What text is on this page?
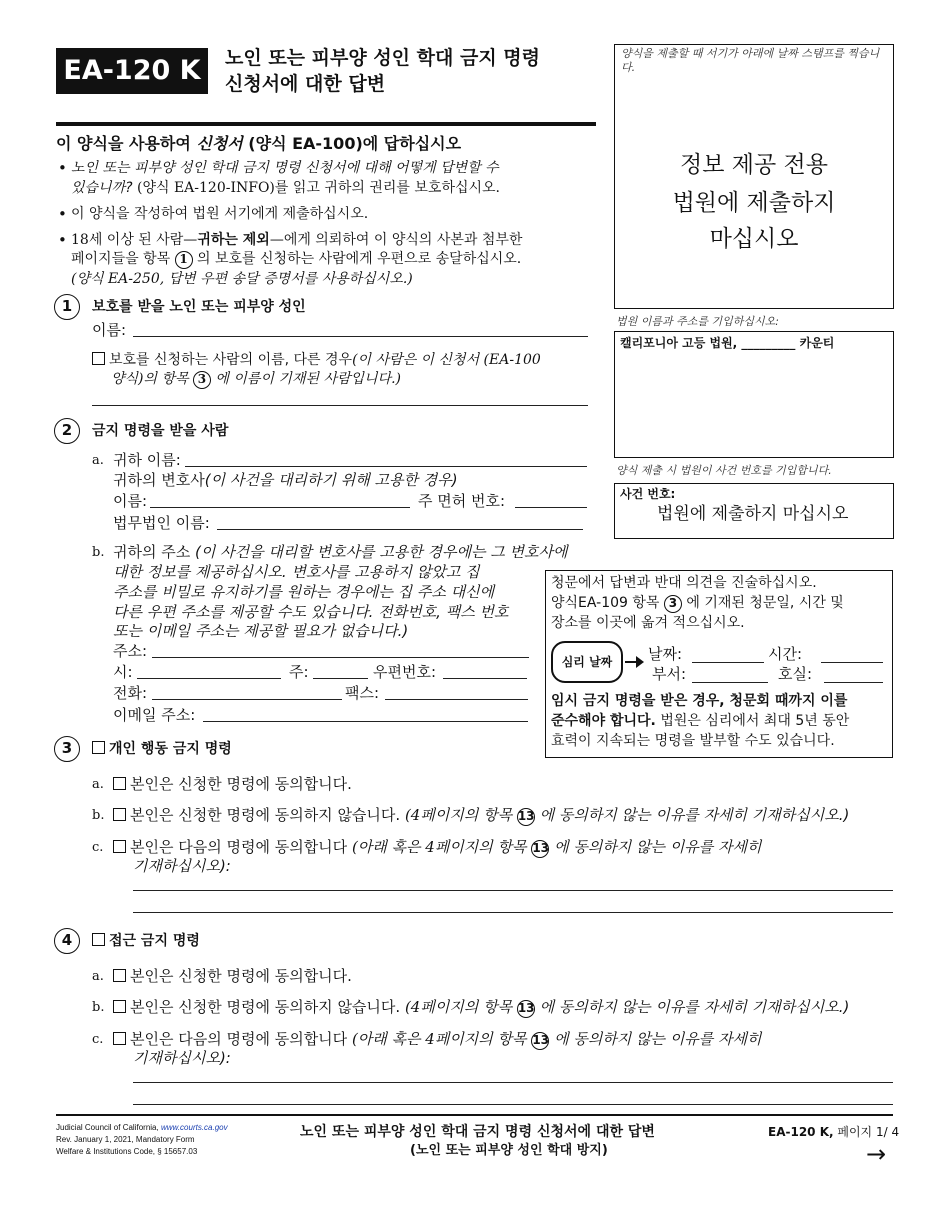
EA-120 K	노인 또는 피부양 성인 학대 금지 명령
신청서에 대한 답변
양식을 제출할 때 서기가 아래에 날짜 스탬프를 찍습니다.
정보 제공 전용
법원에 제출하지
마십시오
법원 이름과 주소를 기입하십시오:
캘리포니아 고등 법원, _________ 카운티
양식 제출 시 법원이 사건 번호를 기입합니다.
사건 번호:
법원에 제출하지 마십시오
이 양식을 사용하여 신청서 (양식 EA-100)에 답하십시오
• 노인 또는 피부양 성인 학대 금지 명령 신청서에 대해 어떻게 답변할 수
있습니까? (양식 EA-120-INFO)를 읽고 귀하의 권리를 보호하십시오.
• 이 양식을 작성하여 법원 서기에게 제출하십시오.
• 18세 이상 된 사람—귀하는 제외—에게 의뢰하여 이 양식의 사본과 첨부한
페이지들을 항목 1 의 보호를 신청하는 사람에게 우편으로 송달하십시오.
(양식 EA-250, 답변 우편 송달 증명서를 사용하십시오.)
1	보호를 받을 노인 또는 피부양 성인
이름:
보호를 신청하는 사람의 이름, 다른 경우(이 사람은 이 신청서 (EA-100
양식)의 항목 3 에 이름이 기재된 사람입니다.)
2	금지 명령을 받을 사람
a. 귀하 이름:
귀하의 변호사(이 사건을 대리하기 위해 고용한 경우)
이름:	주 면허 번호:
법무법인 이름:
b. 귀하의 주소 (이 사건을 대리할 변호사를 고용한 경우에는 그 변호사에
대한 정보를 제공하십시오. 변호사를 고용하지 않았고 집
주소를 비밀로 유지하기를 원하는 경우에는 집 주소 대신에
다른 우편 주소를 제공할 수도 있습니다. 전화번호, 팩스 번호
또는 이메일 주소는 제공할 필요가 없습니다.)
주소:
시:	주:	우편번호:
전화:	팩스:
이메일 주소:
청문에서 답변과 반대 의견을 진술하십시오.
양식EA-109 항목 3 에 기재된 청문일, 시간 및
장소를 이곳에 옮겨 적으십시오.
심리 날짜	날짜:	시간:
부서:	호실:
임시 금지 명령을 받은 경우, 청문회 때까지 이를
준수해야 합니다. 법원은 심리에서 최대 5년 동안
효력이 지속되는 명령을 발부할 수도 있습니다.
3	개인 행동 금지 명령
a.	본인은 신청한 명령에 동의합니다.
b.	본인은 신청한 명령에 동의하지 않습니다. (4페이지의 항목 13 에 동의하지 않는 이유를 자세히 기재하십시오.)
c.	본인은 다음의 명령에 동의합니다 (아래 혹은 4페이지의 항목 13 에 동의하지 않는 이유를 자세히
기재하십시오):
4	접근 금지 명령
a.	본인은 신청한 명령에 동의합니다.
b.	본인은 신청한 명령에 동의하지 않습니다. (4페이지의 항목 13 에 동의하지 않는 이유를 자세히 기재하십시오.)
c.	본인은 다음의 명령에 동의합니다 (아래 혹은 4페이지의 항목 13 에 동의하지 않는 이유를 자세히
기재하십시오):
Judicial Council of California, www.courts.ca.gov
Rev. January 1, 2021, Mandatory Form
Welfare & Institutions Code, § 15657.03
노인 또는 피부양 성인 학대 금지 명령 신청서에 대한 답변
(노인 또는 피부양 성인 학대 방지)
EA-120 K, 페이지 1/ 4
→
